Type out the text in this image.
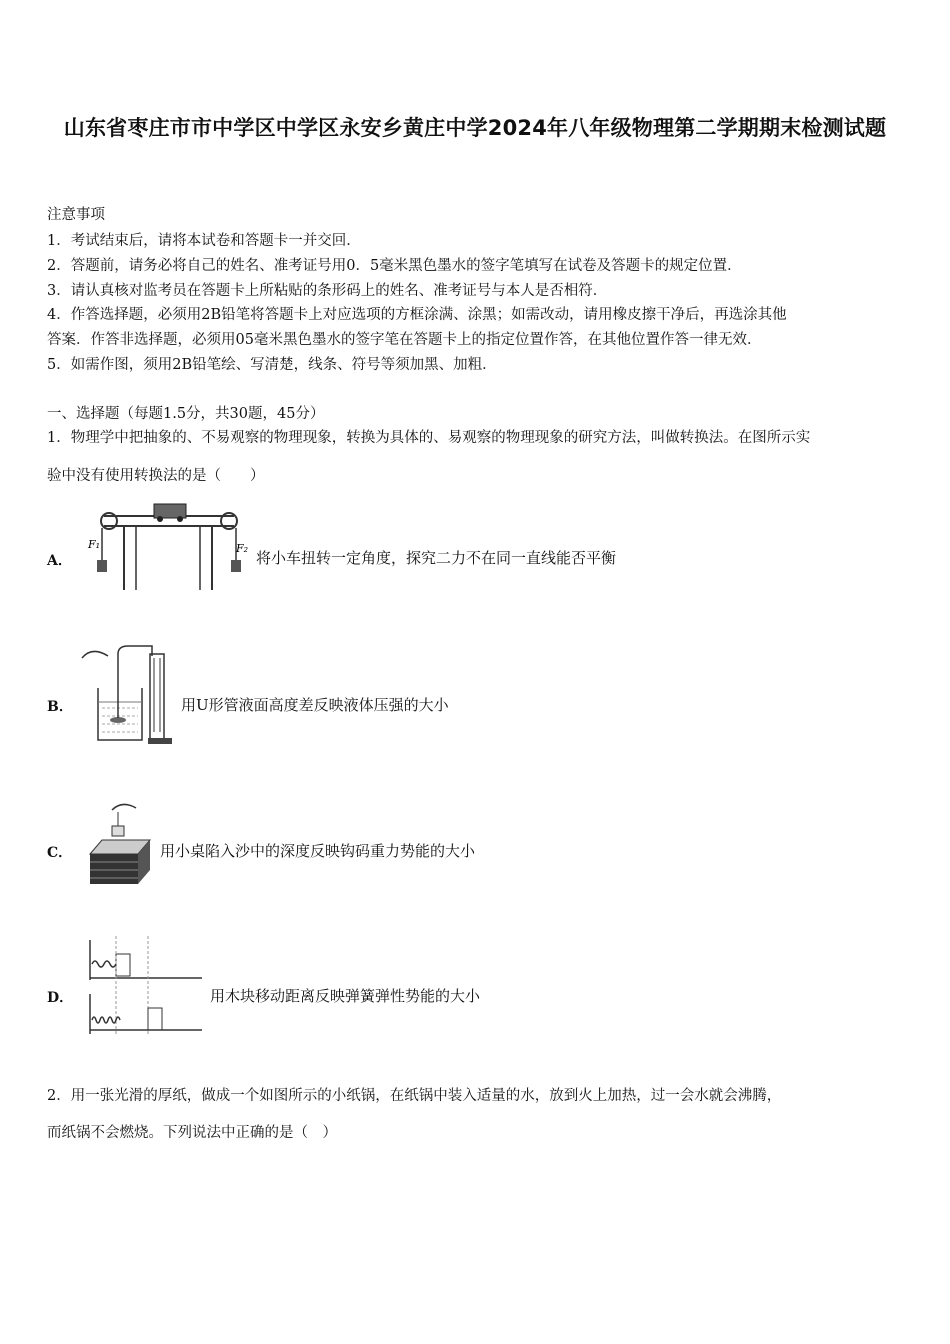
山东省枣庄市市中学区中学区永安乡黄庄中学2024年八年级物理第二学期期末检测试题
注意事项
1．考试结束后，请将本试卷和答题卡一并交回．
2．答题前，请务必将自己的姓名、准考证号用0．5毫米黑色墨水的签字笔填写在试卷及答题卡的规定位置．
3．请认真核对监考员在答题卡上所粘贴的条形码上的姓名、准考证号与本人是否相符．
4．作答选择题，必须用2B铅笔将答题卡上对应选项的方框涂满、涂黑；如需改动，请用橡皮擦干净后，再选涂其他
答案．作答非选择题，必须用05毫米黑色墨水的签字笔在答题卡上的指定位置作答，在其他位置作答一律无效．
5．如需作图，须用2B铅笔绘、写清楚，线条、符号等须加黑、加粗．
一、选择题（每题1.5分，共30题，45分）
1．物理学中把抽象的、不易观察的物理现象，转换为具体的、易观察的物理现象的研究方法，叫做转换法。在图所示实
验中没有使用转换法的是（　　）
A．
F₁	F₂
将小车扭转一定角度，探究二力不在同一直线能否平衡
B．	用U形管液面高度差反映液体压强的大小
C．	用小桌陷入沙中的深度反映钩码重力势能的大小
D．	用木块移动距离反映弹簧弹性势能的大小
2．用一张光滑的厚纸，做成一个如图所示的小纸锅，在纸锅中装入适量的水，放到火上加热，过一会水就会沸腾，
而纸锅不会燃烧。下列说法中正确的是（　）
